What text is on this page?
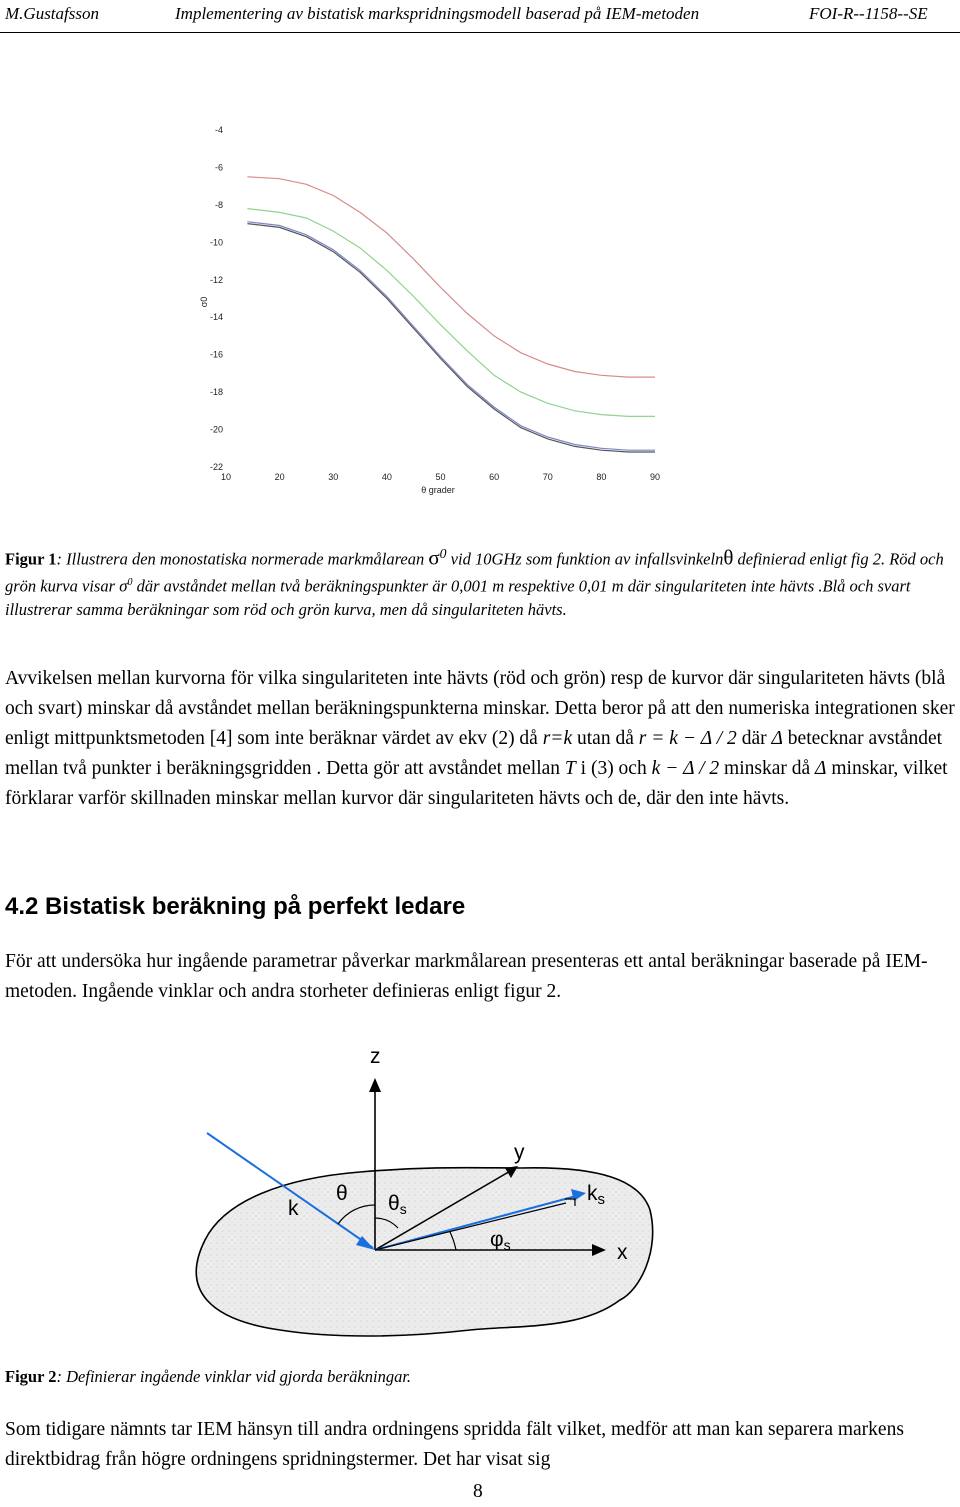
M.Gustafsson	Implementering av bistatisk markspridningsmodell baserad på IEM-metoden	FOI-R--1158--SE
-4
-6
-8
-10
-12
-14
-16
-18
-20
-22
10	20	30	40	50	60	70	80	90
θ grader
σ0
Figur 1: Illustrera den monostatiska normerade markmålarean $\sigma^0$ vid 10GHz som funktion av infallsvinkelnθ definierad enligt fig 2. Röd och grön kurva visar $\sigma^0$ där avståndet mellan två beräkningspunkter är 0,001 m respektive 0,01 m där singulariteten inte hävts .Blå och svart illustrerar samma beräkningar som röd och grön kurva, men då singulariteten hävts.
Avvikelsen mellan kurvorna för vilka singulariteten inte hävts (röd och grön) resp de kurvor där singulariteten hävts (blå och svart) minskar då avståndet mellan beräkningspunkterna minskar. Detta beror på att den numeriska integrationen sker enligt mittpunktsmetoden [4] som inte beräknar värdet av ekv (2) då r=k utan då r = k − Δ / 2 där Δ betecknar avståndet mellan två punkter i beräkningsgridden . Detta gör att avståndet mellan T i (3) och k − Δ / 2 minskar då Δ minskar, vilket förklarar varför skillnaden minskar mellan kurvor där singulariteten hävts och de, där den inte hävts.
4.2 Bistatisk beräkning på perfekt ledare
För att undersöka hur ingående parametrar påverkar markmålarean presenteras ett antal beräkningar baserade på IEM-metoden. Ingående vinklar och andra storheter definieras enligt figur 2.
z
y
x
k
θ θs
ks
φs
Figur 2: Definierar ingående vinklar vid gjorda beräkningar.
Som tidigare nämnts tar IEM hänsyn till andra ordningens spridda fält vilket, medför att man kan separera markens direktbidrag från högre ordningens spridningstermer. Det har visat sig
8
